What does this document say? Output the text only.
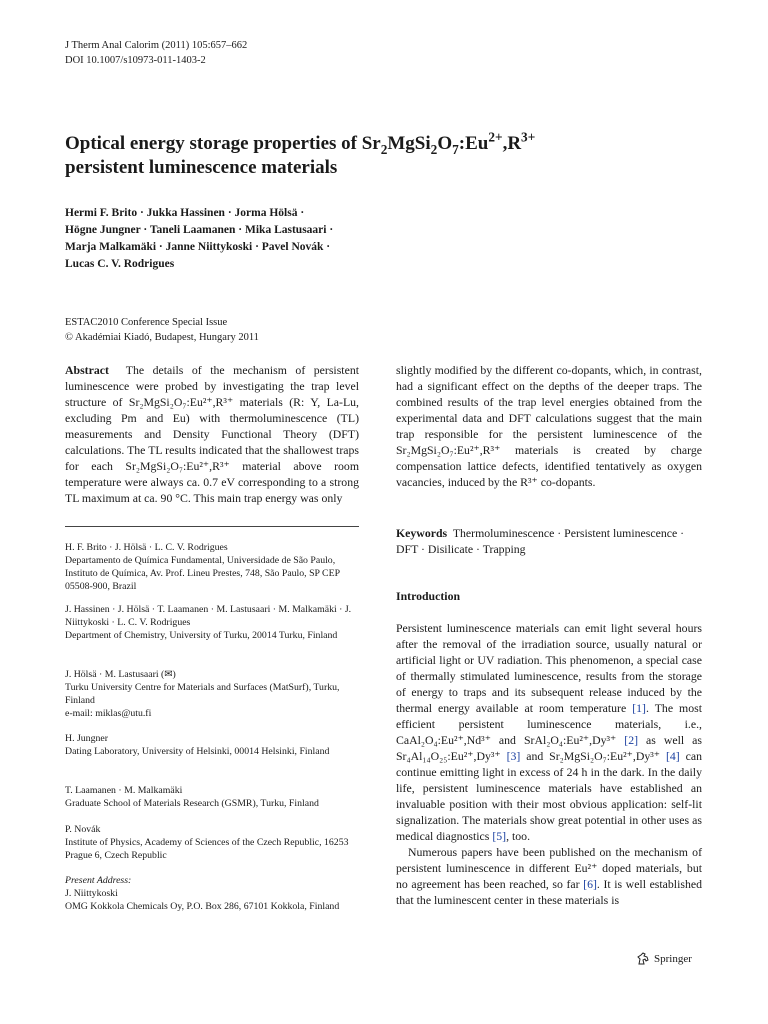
J Therm Anal Calorim (2011) 105:657–662
DOI 10.1007/s10973-011-1403-2
Optical energy storage properties of $Sr_2MgSi_2O_7:Eu^{2+},R^{3+}$
persistent luminescence materials
Hermi F. Brito · Jukka Hassinen · Jorma Hölsä ·
Högne Jungner · Taneli Laamanen · Mika Lastusaari ·
Marja Malkamäki · Janne Niittykoski · Pavel Novák ·
Lucas C. V. Rodrigues
ESTAC2010 Conference Special Issue
© Akadémiai Kiadó, Budapest, Hungary 2011
Abstract The details of the mechanism of persistent luminescence were probed by investigating the trap level structure of Sr₂MgSi₂O₇:Eu²⁺,R³⁺ materials (R: Y, La-Lu, excluding Pm and Eu) with thermoluminescence (TL) measurements and Density Functional Theory (DFT) calculations. The TL results indicated that the shallowest traps for each Sr₂MgSi₂O₇:Eu²⁺,R³⁺ material above room temperature were always ca. 0.7 eV corresponding to a strong TL maximum at ca. 90 °C. This main trap energy was only
slightly modified by the different co-dopants, which, in contrast, had a significant effect on the depths of the deeper traps. The combined results of the trap level energies obtained from the experimental data and DFT calculations suggest that the main trap responsible for the persistent luminescence of the Sr₂MgSi₂O₇:Eu²⁺,R³⁺ materials is created by charge compensation lattice defects, identified tentatively as oxygen vacancies, induced by the R³⁺ co-dopants.
Keywords Thermoluminescence · Persistent luminescence · DFT · Disilicate · Trapping
Introduction

Persistent luminescence materials can emit light several hours after the removal of the irradiation source, usually natural or artificial light or UV radiation. This phenomenon, a special case of thermally stimulated luminescence, results from the storage of energy to traps and its subsequent release induced by the thermal energy available at room temperature [1]. The most efficient persistent luminescence materials, i.e., CaAl₂O₄:Eu²⁺,Nd³⁺ and SrAl₂O₄:Eu²⁺,Dy³⁺ [2] as well as Sr₄Al₁₄O₂₅:Eu²⁺,Dy³⁺ [3] and Sr₂MgSi₂O₇:Eu²⁺,Dy³⁺ [4] can continue emitting light in excess of 24 h in the dark. In the daily life, persistent luminescence materials have established an invaluable position with their most obvious application: self-lit signalization. The materials show great potential in other uses as medical diagnostics [5], too.

Numerous papers have been published on the mechanism of persistent luminescence in different Eu²⁺ doped materials, but no agreement has been reached, so far [6]. It is well established that the luminescent center in these materials is

H. F. Brito · J. Hölsä · L. C. V. Rodrigues
Departamento de Química Fundamental, Universidade de São Paulo, Instituto de Química, Av. Prof. Lineu Prestes, 748, São Paulo, SP CEP 05508-900, Brazil
J. Hassinen · J. Hölsä · T. Laamanen · M. Lastusaari · M. Malkamäki · J. Niittykoski · L. C. V. Rodrigues
Department of Chemistry, University of Turku, 20014 Turku, Finland
J. Hölsä · M. Lastusaari (✉)
Turku University Centre for Materials and Surfaces (MatSurf), Turku, Finland
e-mail: miklas@utu.fi
H. Jungner
Dating Laboratory, University of Helsinki, 00014 Helsinki, Finland
T. Laamanen · M. Malkamäki
Graduate School of Materials Research (GSMR), Turku, Finland
P. Novák
Institute of Physics, Academy of Sciences of the Czech Republic, 16253 Prague 6, Czech Republic
Present Address:
J. Niittykoski
OMG Kokkola Chemicals Oy, P.O. Box 286, 67101 Kokkola, Finland
Springer
